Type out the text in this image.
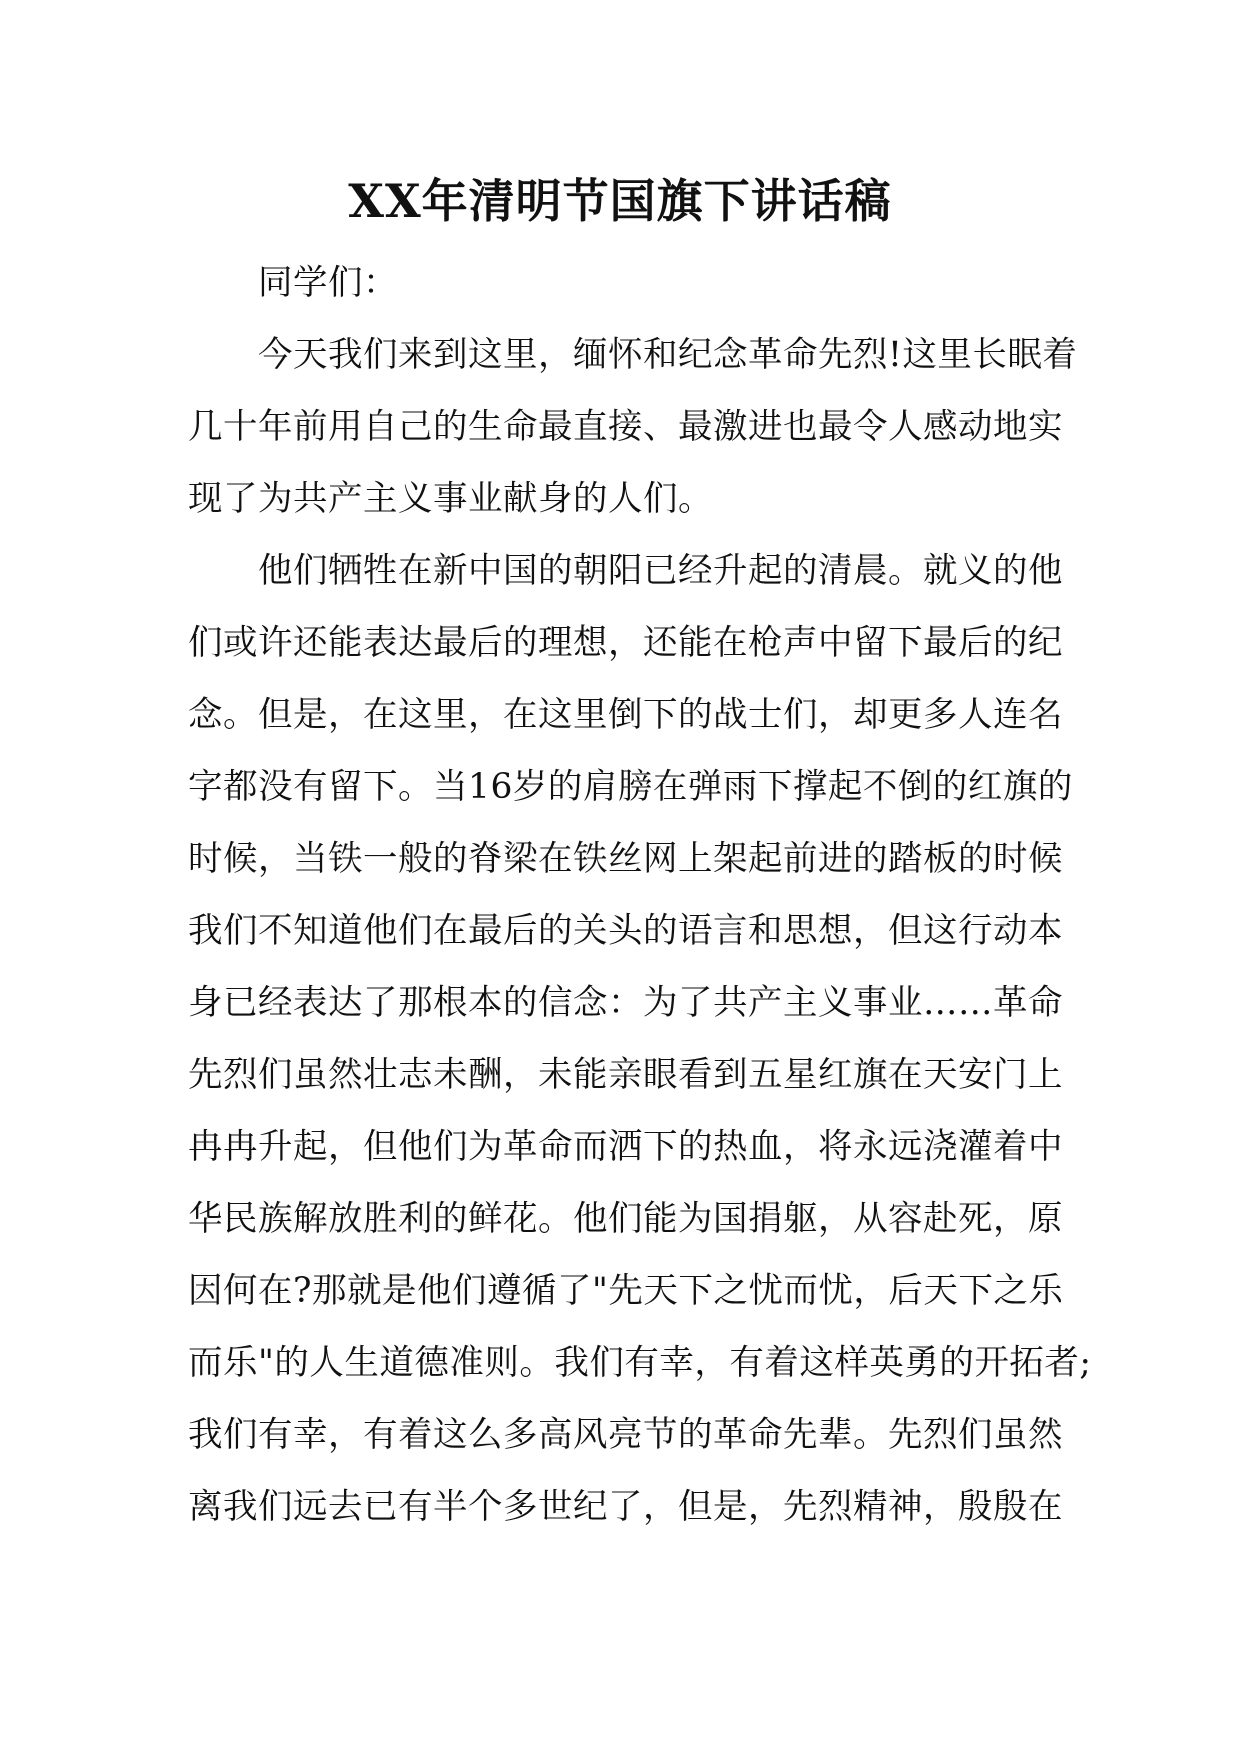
XX年清明节国旗下讲话稿
　　同学们：
　　今天我们来到这里，缅怀和纪念革命先烈!这里长眠着
几十年前用自己的生命最直接、最激进也最令人感动地实
现了为共产主义事业献身的人们。
　　他们牺牲在新中国的朝阳已经升起的清晨。就义的他
们或许还能表达最后的理想，还能在枪声中留下最后的纪
念。但是，在这里，在这里倒下的战士们，却更多人连名
字都没有留下。当16岁的肩膀在弹雨下撑起不倒的红旗的
时候，当铁一般的脊梁在铁丝网上架起前进的踏板的时候
我们不知道他们在最后的关头的语言和思想，但这行动本
身已经表达了那根本的信念：为了共产主义事业……革命
先烈们虽然壮志未酬，未能亲眼看到五星红旗在天安门上
冉冉升起，但他们为革命而洒下的热血，将永远浇灌着中
华民族解放胜利的鲜花。他们能为国捐躯，从容赴死，原
因何在?那就是他们遵循了"先天下之忧而忧，后天下之乐
而乐"的人生道德准则。我们有幸，有着这样英勇的开拓者;
我们有幸，有着这么多高风亮节的革命先辈。先烈们虽然
离我们远去已有半个多世纪了，但是，先烈精神，殷殷在
